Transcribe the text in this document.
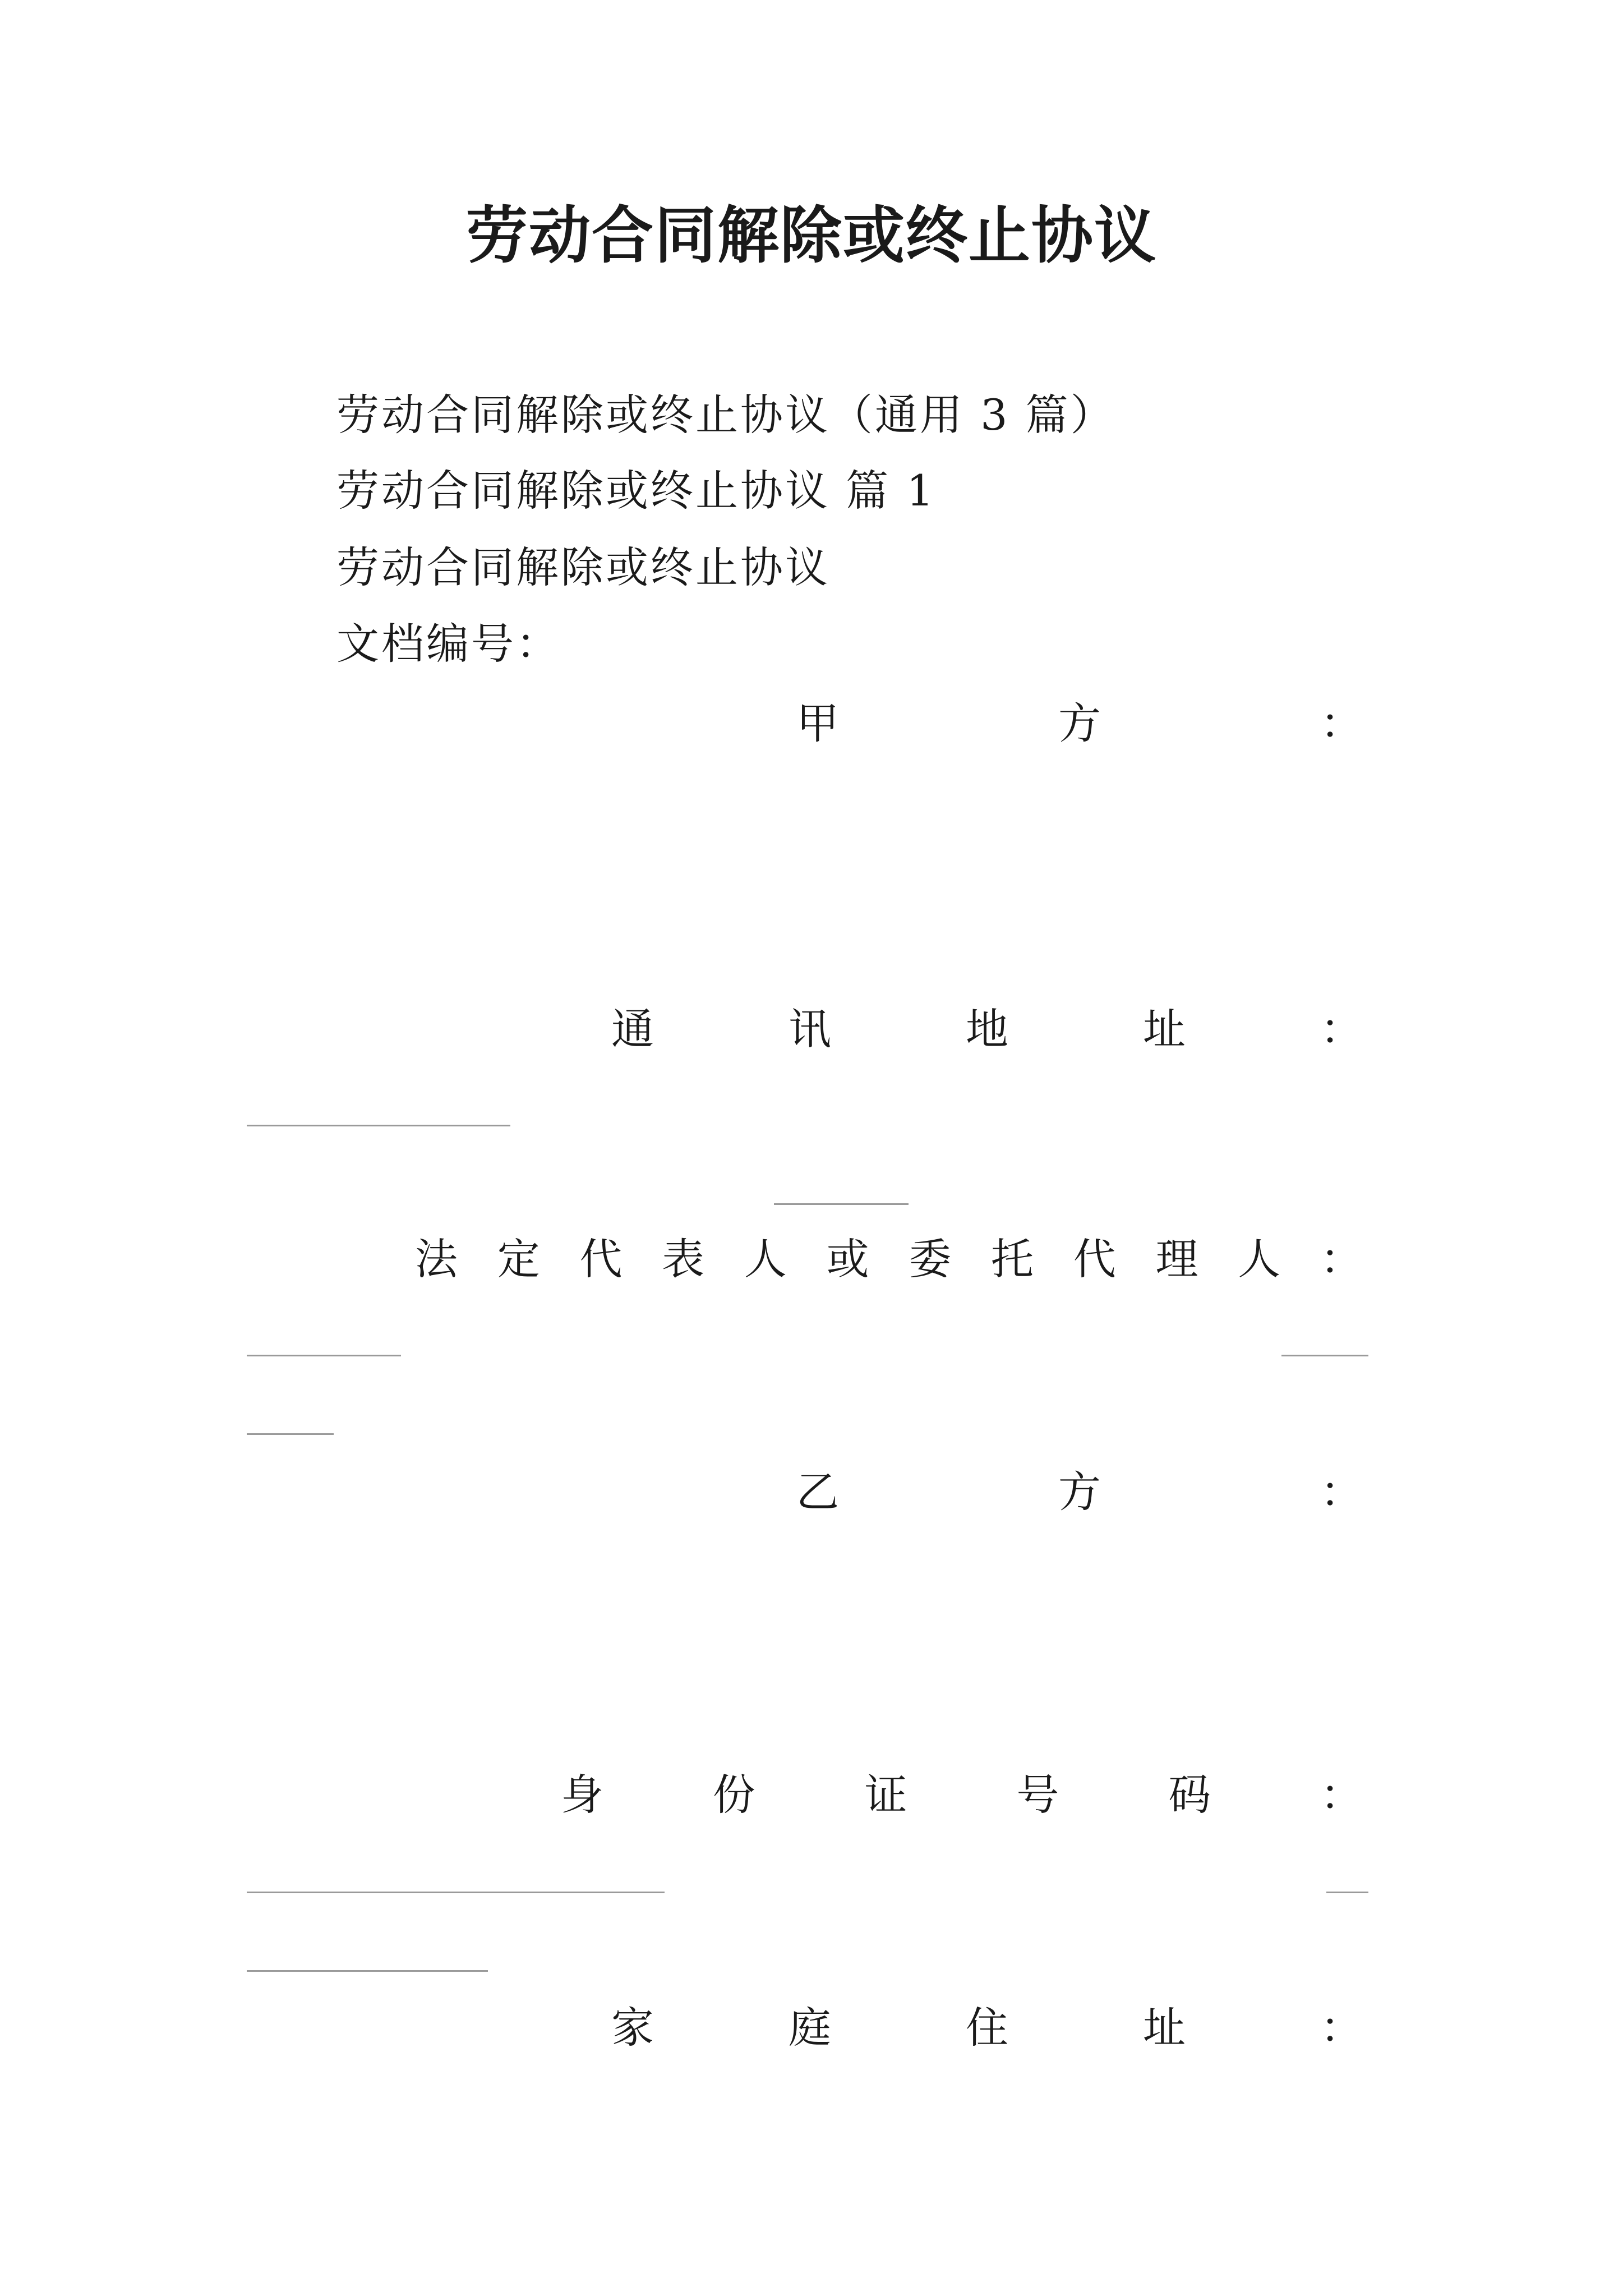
劳动合同解除或终止协议
劳动合同解除或终止协议（通用 3 篇）
劳动合同解除或终止协议 篇 1
劳动合同解除或终止协议
文档编号：
甲	方	：
通	讯	地	址	：
法 定 代 表 人 或 委 托 代 理 人 ：
乙	方	：
身	份	证	号	码	：
家	庭	住	址	：
